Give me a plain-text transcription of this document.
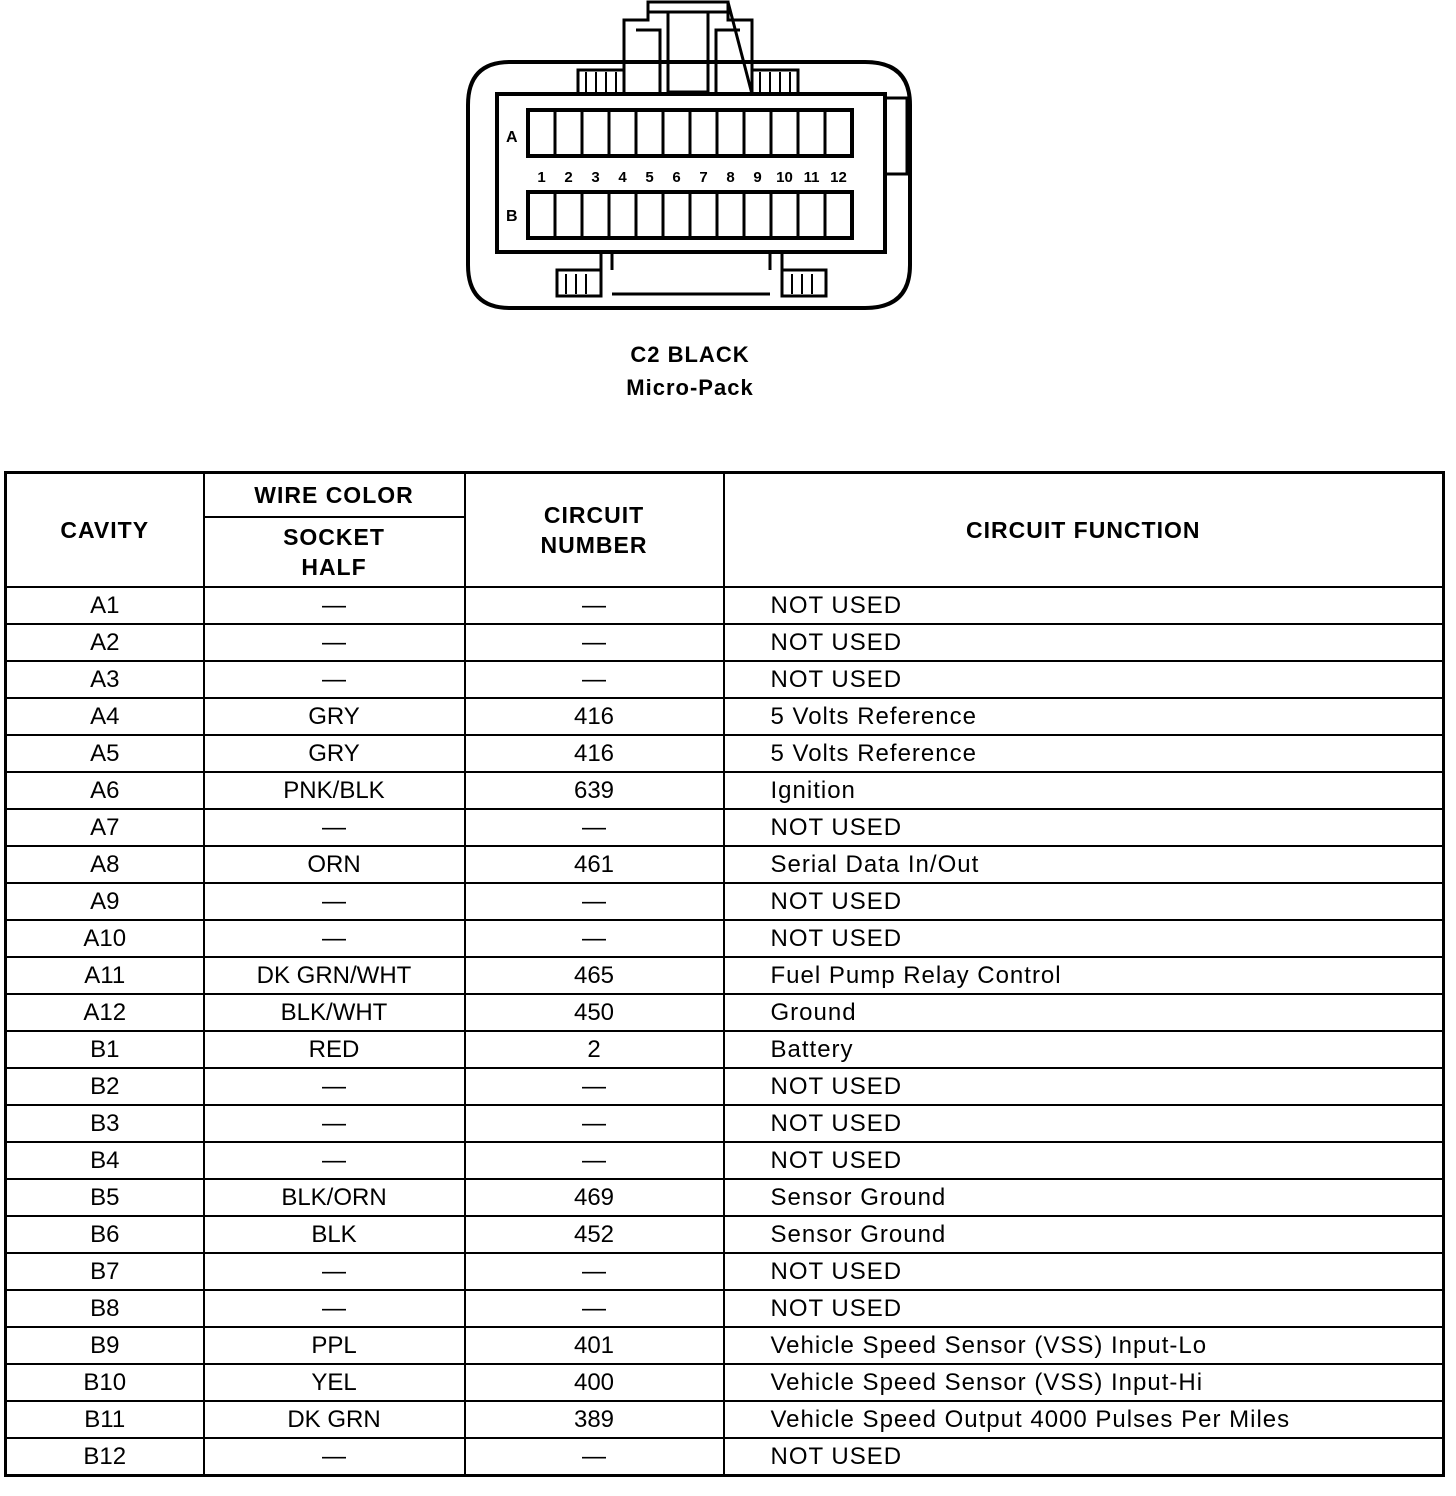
A
B
1 2 3 4 5 6 7 8 9 10 11 12
C2 BLACK
Micro-Pack
CAVITY	WIRE COLOR	CIRCUIT NUMBER	CIRCUIT FUNCTION
	SOCKET HALF		
A1	—	—	NOT USED
A2	—	—	NOT USED
A3	—	—	NOT USED
A4	GRY	416	5 Volts Reference
A5	GRY	416	5 Volts Reference
A6	PNK/BLK	639	Ignition
A7	—	—	NOT USED
A8	ORN	461	Serial Data In/Out
A9	—	—	NOT USED
A10	—	—	NOT USED
A11	DK GRN/WHT	465	Fuel Pump Relay Control
A12	BLK/WHT	450	Ground
B1	RED	2	Battery
B2	—	—	NOT USED
B3	—	—	NOT USED
B4	—	—	NOT USED
B5	BLK/ORN	469	Sensor Ground
B6	BLK	452	Sensor Ground
B7	—	—	NOT USED
B8	—	—	NOT USED
B9	PPL	401	Vehicle Speed Sensor (VSS) Input-Lo
B10	YEL	400	Vehicle Speed Sensor (VSS) Input-Hi
B11	DK GRN	389	Vehicle Speed Output 4000 Pulses Per Miles
B12	—	—	NOT USED
